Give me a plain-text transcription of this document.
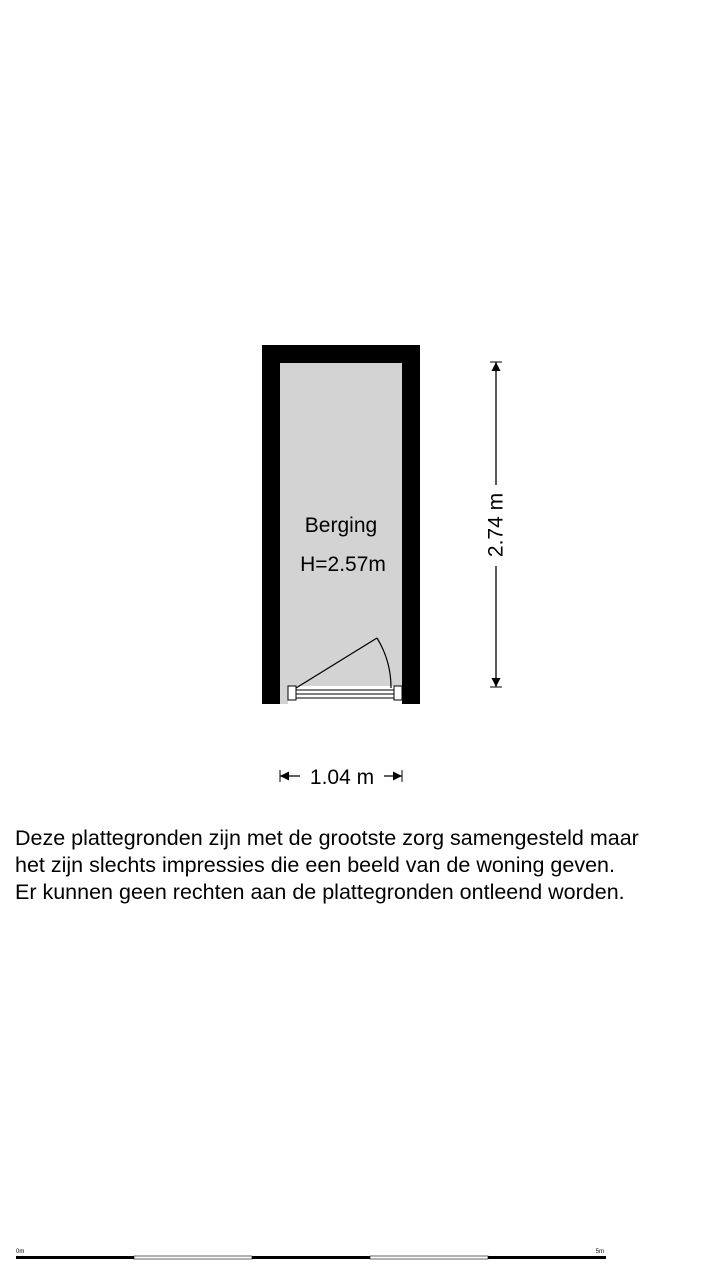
Berging
H=2.57m
2.74 m
1.04 m
0m	5m

Deze plattegronden zijn met de grootste zorg samengesteld maar
het zijn slechts impressies die een beeld van de woning geven.
Er kunnen geen rechten aan de plattegronden ontleend worden.
